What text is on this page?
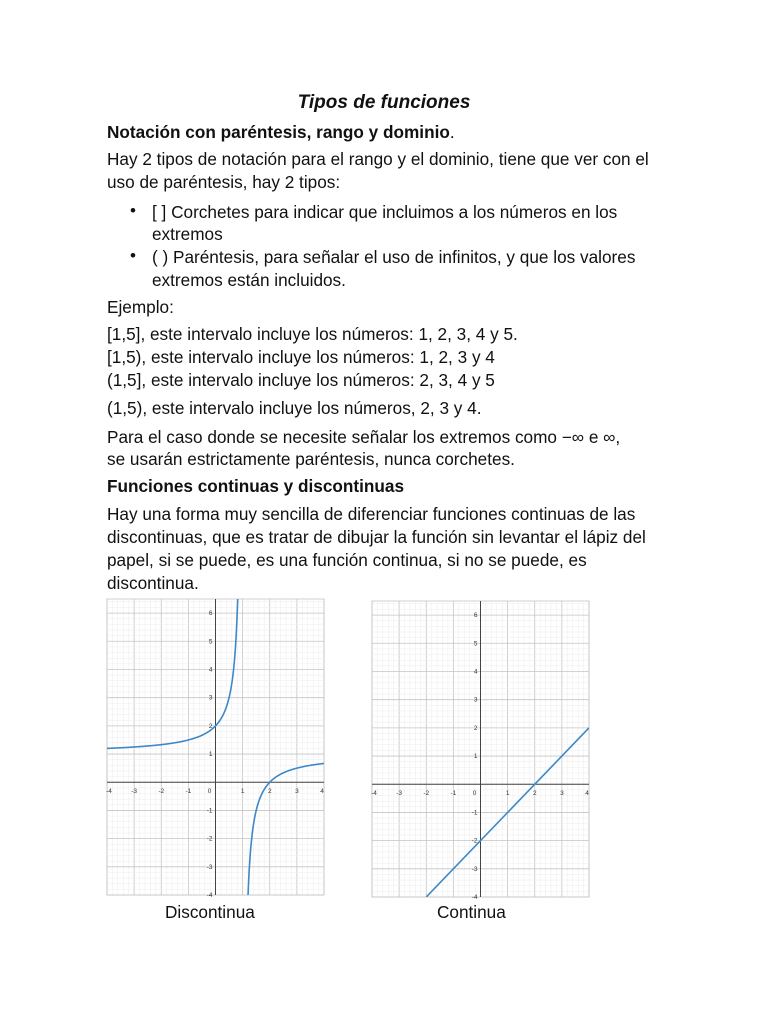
Tipos de funciones
Notación con paréntesis, rango y dominio.
Hay 2 tipos de notación para el rango y el dominio, tiene que ver con el
uso de paréntesis, hay 2 tipos:
• [ ] Corchetes para indicar que incluimos a los números en los
extremos
• ( ) Paréntesis, para señalar el uso de infinitos, y que los valores
extremos están incluidos.
Ejemplo:
[1,5], este intervalo incluye los números: 1, 2, 3, 4 y 5.
[1,5), este intervalo incluye los números: 1, 2, 3 y 4
(1,5], este intervalo incluye los números: 2, 3, 4 y 5
(1,5), este intervalo incluye los números, 2, 3 y 4.
Para el caso donde se necesite señalar los extremos como −∞ e ∞,
se usarán estrictamente paréntesis, nunca corchetes.
Funciones continuas y discontinuas
Hay una forma muy sencilla de diferenciar funciones continuas de las
discontinuas, que es tratar de dibujar la función sin levantar el lápiz del
papel, si se puede, es una función continua, si no se puede, es
discontinua.
-4	-3	-2	-1	0	1	2	3	4
6
5
4
3
2
1
-1
-2
-3
-4
Discontinua
-4	-3	-2	-1	0	1	2	3	4
6
5
4
3
2
1
-1
-2
-3
-4
Continua
